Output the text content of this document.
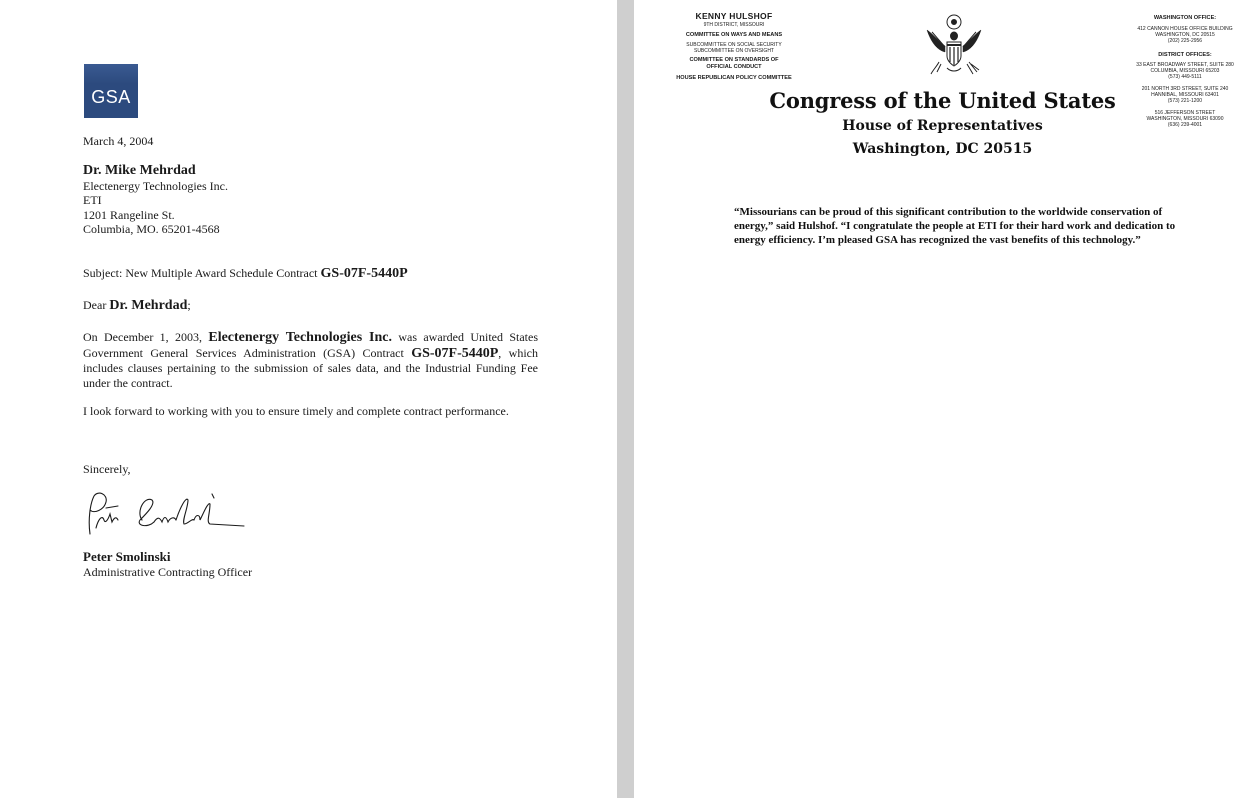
GSA
March 4, 2004
Dr. Mike Mehrdad
Electenergy Technologies Inc.
ETI
1201 Rangeline St.
Columbia, MO. 65201-4568
Subject: New Multiple Award Schedule Contract GS-07F-5440P
Dear Dr. Mehrdad;
On December 1, 2003, Electenergy Technologies Inc. was awarded United States Government General Services Administration (GSA) Contract GS-07F-5440P, which includes clauses pertaining to the submission of sales data, and the Industrial Funding Fee under the contract.
I look forward to working with you to ensure timely and complete contract performance.
Sincerely,
Peter Smolinski
Administrative Contracting Officer
KENNY HULSHOF
9TH DISTRICT, MISSOURI
COMMITTEE ON WAYS AND MEANS
SUBCOMMITTEE ON SOCIAL SECURITY
SUBCOMMITTEE ON OVERSIGHT
COMMITTEE ON STANDARDS OF
OFFICIAL CONDUCT
HOUSE REPUBLICAN POLICY COMMITTEE
Congress of the United States
House of Representatives
Washington, DC 20515
WASHINGTON OFFICE:
412 CANNON HOUSE OFFICE BUILDING
WASHINGTON, DC 20515
(202) 225-2956
DISTRICT OFFICES:
33 EAST BROADWAY STREET, SUITE 280
COLUMBIA, MISSOURI 65203
(573) 449-5111
201 NORTH 3RD STREET, SUITE 240
HANNIBAL, MISSOURI 63401
(573) 221-1200
516 JEFFERSON STREET
WASHINGTON, MISSOURI 63090
(636) 239-4001
“Missourians can be proud of this significant contribution to the worldwide conservation of energy,” said Hulshof. “I congratulate the people at ETI for their hard work and dedication to energy efficiency. I’m pleased GSA has recognized the vast benefits of this technology.”
